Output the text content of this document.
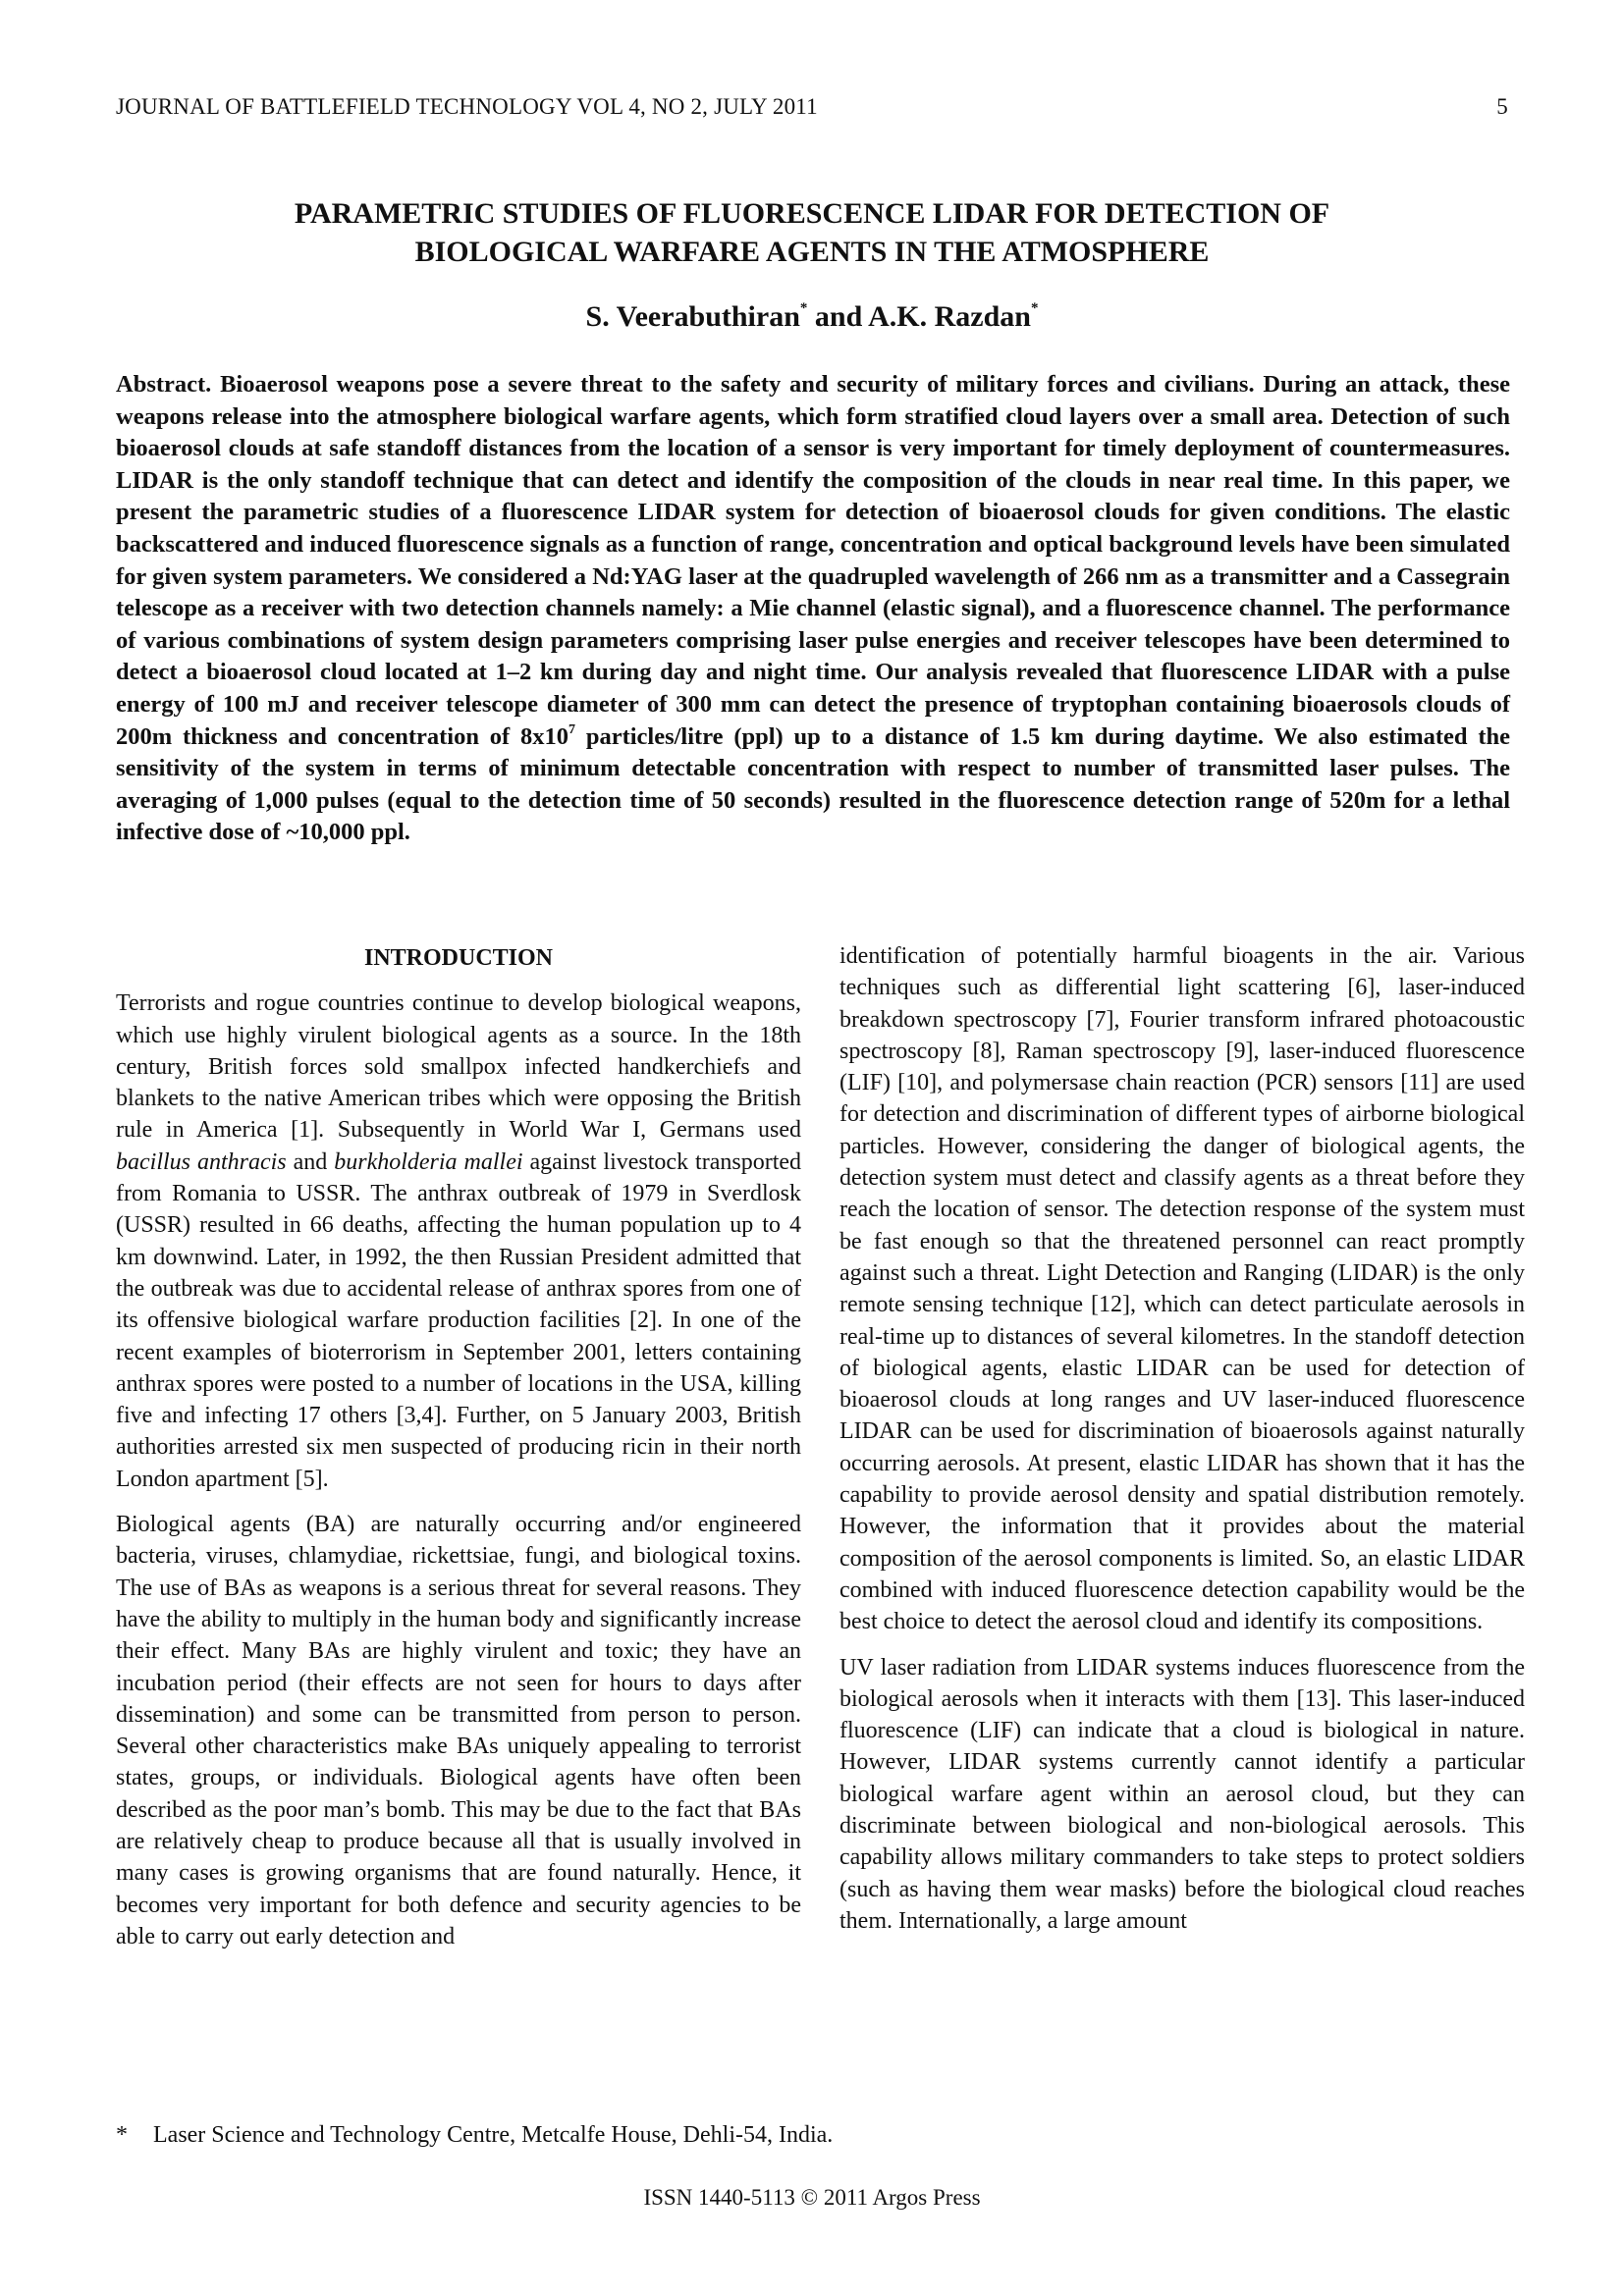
JOURNAL OF BATTLEFIELD TECHNOLOGY VOL 4, NO 2, JULY 2011	5
PARAMETRIC STUDIES OF FLUORESCENCE LIDAR FOR DETECTION OF
BIOLOGICAL WARFARE AGENTS IN THE ATMOSPHERE
S. Veerabuthiran* and A.K. Razdan*

Abstract. Bioaerosol weapons pose a severe threat to the safety and security of military forces and civilians. During an attack, these weapons release into the atmosphere biological warfare agents, which form stratified cloud layers over a small area. Detection of such bioaerosol clouds at safe standoff distances from the location of a sensor is very important for timely deployment of countermeasures. LIDAR is the only standoff technique that can detect and identify the composition of the clouds in near real time. In this paper, we present the parametric studies of a fluorescence LIDAR system for detection of bioaerosol clouds for given conditions. The elastic backscattered and induced fluorescence signals as a function of range, concentration and optical background levels have been simulated for given system parameters. We considered a Nd:YAG laser at the quadrupled wavelength of 266 nm as a transmitter and a Cassegrain telescope as a receiver with two detection channels namely: a Mie channel (elastic signal), and a fluorescence channel. The performance of various combinations of system design parameters comprising laser pulse energies and receiver telescopes have been determined to detect a bioaerosol cloud located at 1–2 km during day and night time. Our analysis revealed that fluorescence LIDAR with a pulse energy of 100 mJ and receiver telescope diameter of 300 mm can detect the presence of tryptophan containing bioaerosols clouds of 200m thickness and concentration of $8x10^7$ particles/litre (ppl) up to a distance of 1.5 km during daytime. We also estimated the sensitivity of the system in terms of minimum detectable concentration with respect to number of transmitted laser pulses. The averaging of 1,000 pulses (equal to the detection time of 50 seconds) resulted in the fluorescence detection range of 520m for a lethal infective dose of ~10,000 ppl.

INTRODUCTION

Terrorists and rogue countries continue to develop biological weapons, which use highly virulent biological agents as a source. In the 18th century, British forces sold smallpox infected handkerchiefs and blankets to the native American tribes which were opposing the British rule in America [1]. Subsequently in World War I, Germans used bacillus anthracis and burkholderia mallei against livestock transported from Romania to USSR. The anthrax outbreak of 1979 in Sverdlosk (USSR) resulted in 66 deaths, affecting the human population up to 4 km downwind. Later, in 1992, the then Russian President admitted that the outbreak was due to accidental release of anthrax spores from one of its offensive biological warfare production facilities [2]. In one of the recent examples of bioterrorism in September 2001, letters containing anthrax spores were posted to a number of locations in the USA, killing five and infecting 17 others [3,4]. Further, on 5 January 2003, British authorities arrested six men suspected of producing ricin in their north London apartment [5].

Biological agents (BA) are naturally occurring and/or engineered bacteria, viruses, chlamydiae, rickettsiae, fungi, and biological toxins. The use of BAs as weapons is a serious threat for several reasons. They have the ability to multiply in the human body and significantly increase their effect. Many BAs are highly virulent and toxic; they have an incubation period (their effects are not seen for hours to days after dissemination) and some can be transmitted from person to person. Several other characteristics make BAs uniquely appealing to terrorist states, groups, or individuals. Biological agents have often been described as the poor man’s bomb. This may be due to the fact that BAs are relatively cheap to produce because all that is usually involved in many cases is growing organisms that are found naturally. Hence, it becomes very important for both defence and security agencies to be able to carry out early detection and

identification of potentially harmful bioagents in the air. Various techniques such as differential light scattering [6], laser-induced breakdown spectroscopy [7], Fourier transform infrared photoacoustic spectroscopy [8], Raman spectroscopy [9], laser-induced fluorescence (LIF) [10], and polymersase chain reaction (PCR) sensors [11] are used for detection and discrimination of different types of airborne biological particles. However, considering the danger of biological agents, the detection system must detect and classify agents as a threat before they reach the location of sensor. The detection response of the system must be fast enough so that the threatened personnel can react promptly against such a threat. Light Detection and Ranging (LIDAR) is the only remote sensing technique [12], which can detect particulate aerosols in real-time up to distances of several kilometres. In the standoff detection of biological agents, elastic LIDAR can be used for detection of bioaerosol clouds at long ranges and UV laser-induced fluorescence LIDAR can be used for discrimination of bioaerosols against naturally occurring aerosols. At present, elastic LIDAR has shown that it has the capability to provide aerosol density and spatial distribution remotely. However, the information that it provides about the material composition of the aerosol components is limited. So, an elastic LIDAR combined with induced fluorescence detection capability would be the best choice to detect the aerosol cloud and identify its compositions.

UV laser radiation from LIDAR systems induces fluorescence from the biological aerosols when it interacts with them [13]. This laser-induced fluorescence (LIF) can indicate that a cloud is biological in nature. However, LIDAR systems currently cannot identify a particular biological warfare agent within an aerosol cloud, but they can discriminate between biological and non-biological aerosols. This capability allows military commanders to take steps to protect soldiers (such as having them wear masks) before the biological cloud reaches them. Internationally, a large amount

* Laser Science and Technology Centre, Metcalfe House, Dehli-54, India.
ISSN 1440-5113 © 2011 Argos Press
